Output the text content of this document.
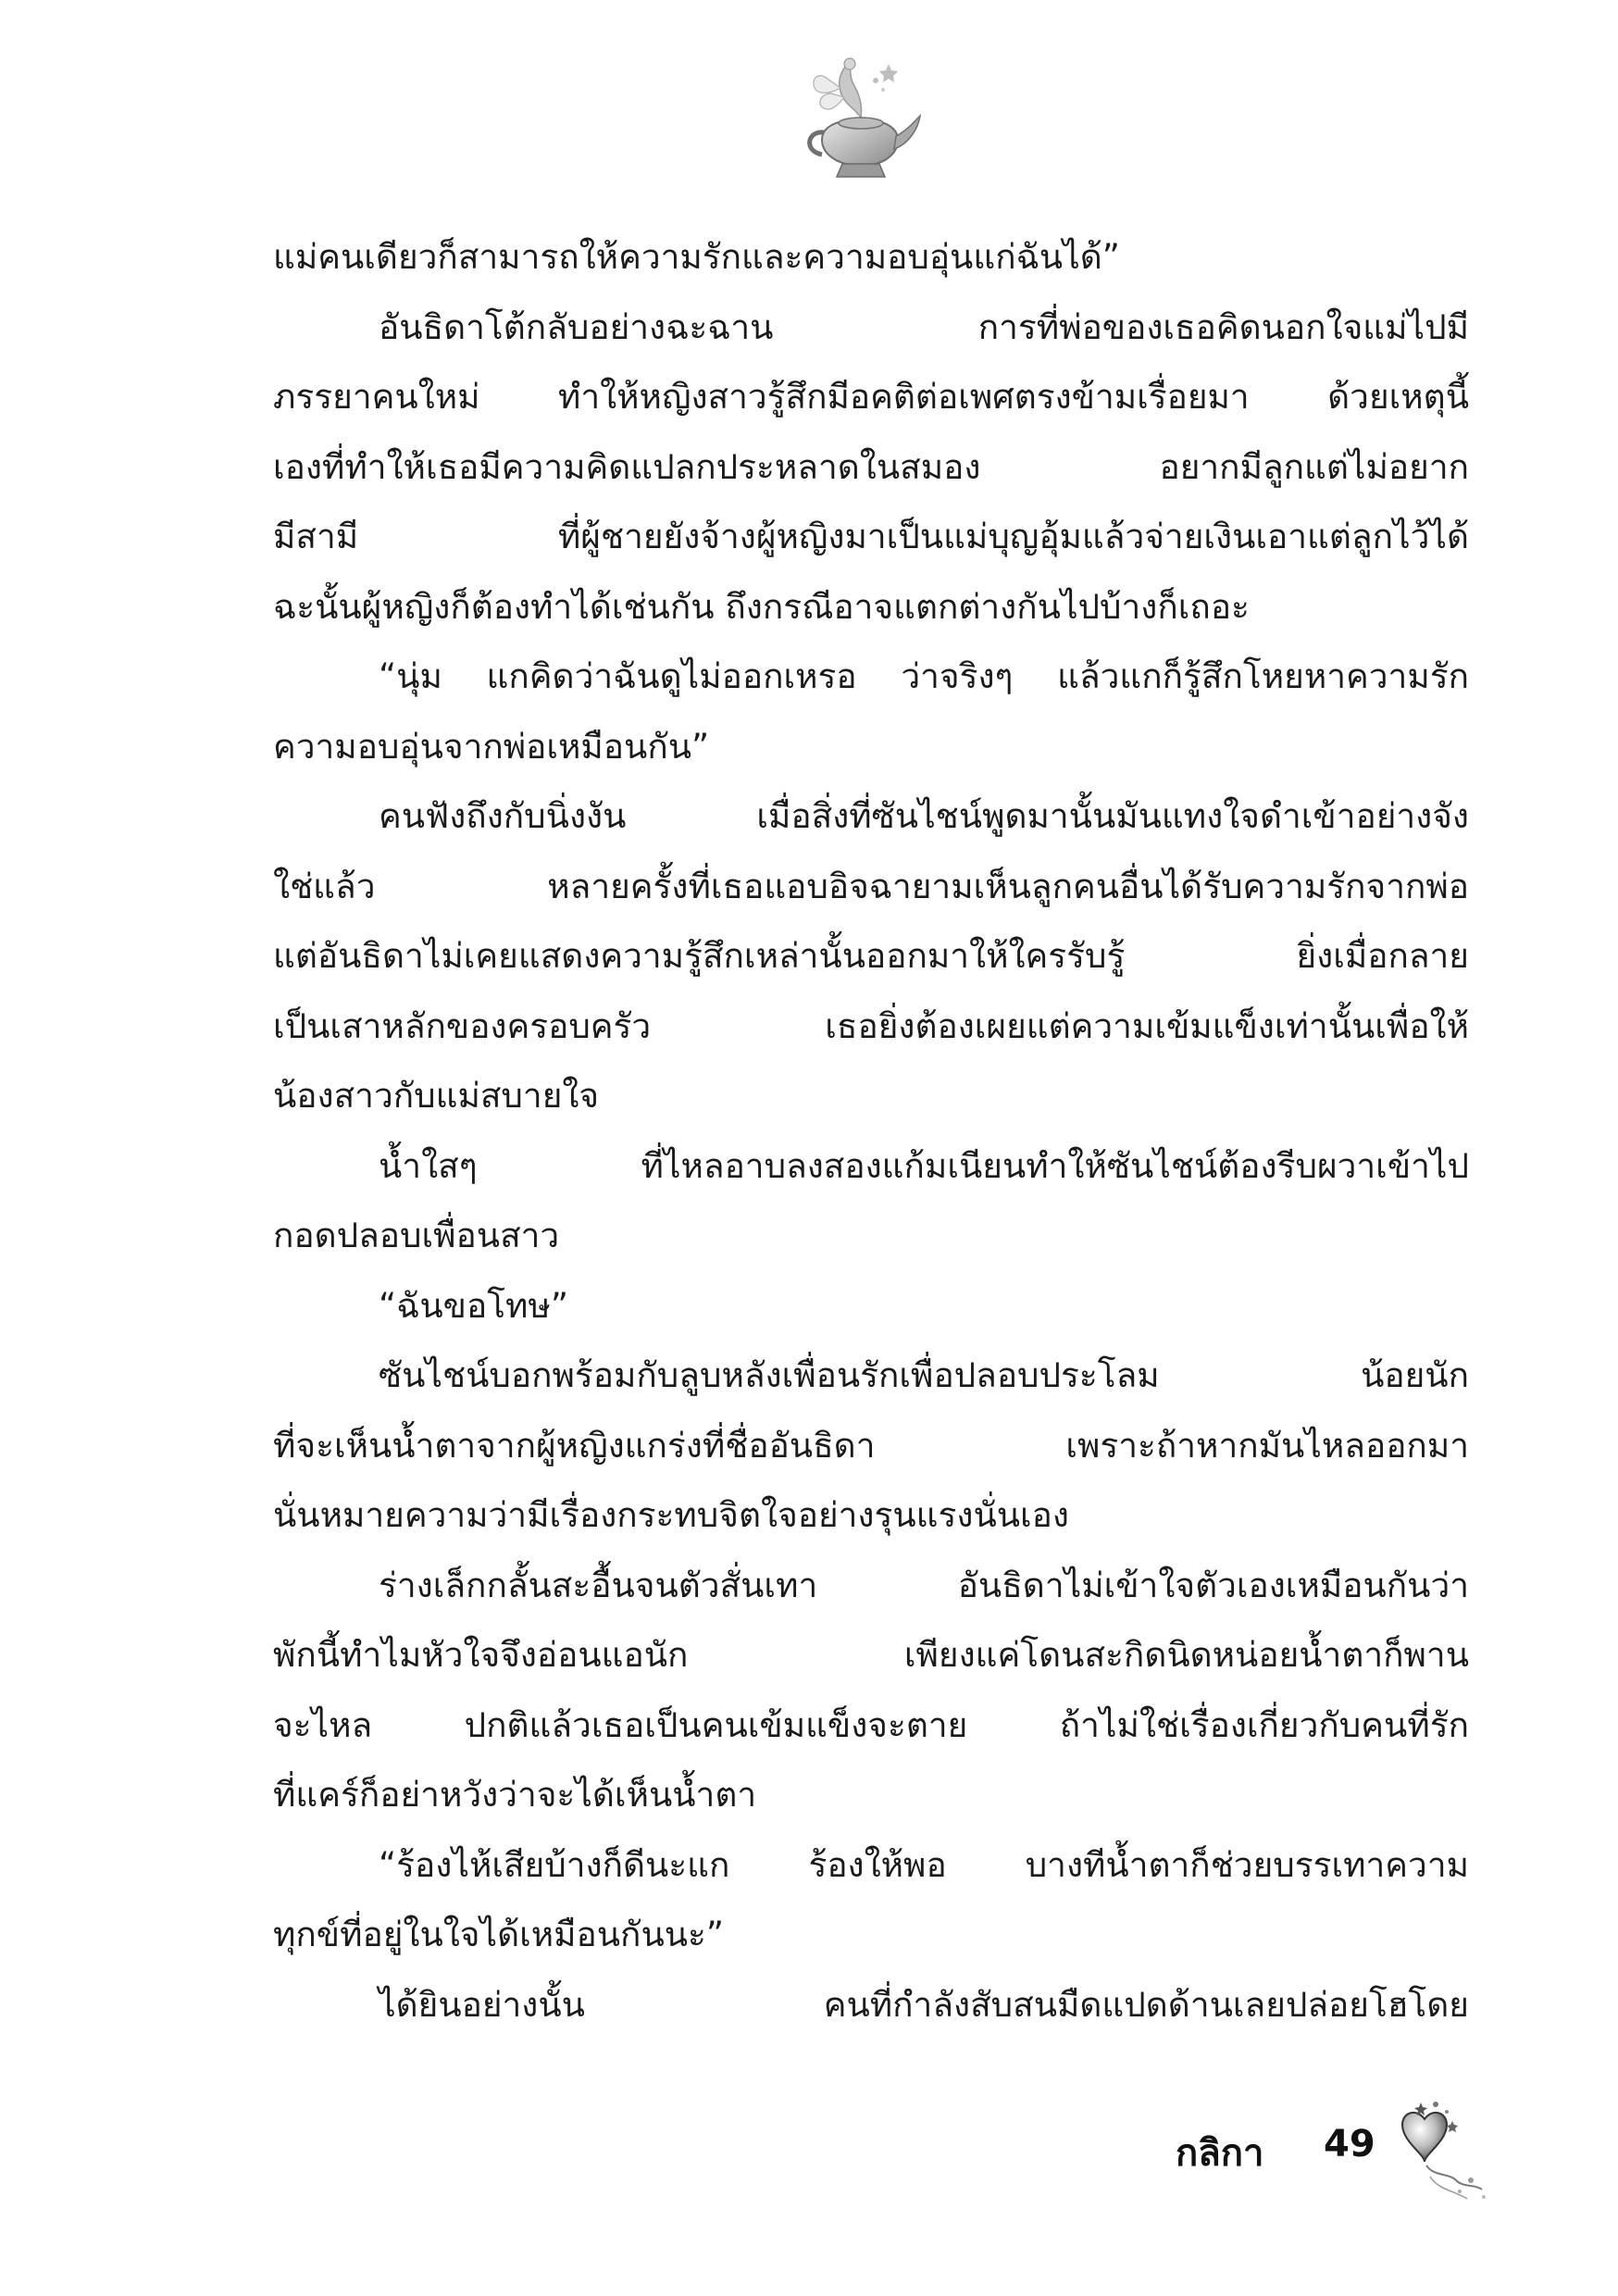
แม่คนเดียวก็สามารถให้ความรักและความอบอุ่นแก่ฉันได้”
อันธิดาโต้กลับอย่างฉะฉาน การที่พ่อของเธอคิดนอกใจแม่ไปมี
ภรรยาคนใหม่ ทำให้หญิงสาวรู้สึกมีอคติต่อเพศตรงข้ามเรื่อยมา ด้วยเหตุนี้
เองที่ทำให้เธอมีความคิดแปลกประหลาดในสมอง อยากมีลูกแต่ไม่อยาก
มีสามี ที่ผู้ชายยังจ้างผู้หญิงมาเป็นแม่บุญอุ้มแล้วจ่ายเงินเอาแต่ลูกไว้ได้
ฉะนั้นผู้หญิงก็ต้องทำได้เช่นกัน ถึงกรณีอาจแตกต่างกันไปบ้างก็เถอะ
“นุ่ม แกคิดว่าฉันดูไม่ออกเหรอ ว่าจริงๆ แล้วแกก็รู้สึกโหยหาความรัก
ความอบอุ่นจากพ่อเหมือนกัน”
คนฟังถึงกับนิ่งงัน เมื่อสิ่งที่ซันไชน์พูดมานั้นมันแทงใจดำเข้าอย่างจัง
ใช่แล้ว หลายครั้งที่เธอแอบอิจฉายามเห็นลูกคนอื่นได้รับความรักจากพ่อ
แต่อันธิดาไม่เคยแสดงความรู้สึกเหล่านั้นออกมาให้ใครรับรู้ ยิ่งเมื่อกลาย
เป็นเสาหลักของครอบครัว เธอยิ่งต้องเผยแต่ความเข้มแข็งเท่านั้นเพื่อให้
น้องสาวกับแม่สบายใจ
น้ำใสๆ ที่ไหลอาบลงสองแก้มเนียนทำให้ซันไชน์ต้องรีบผวาเข้าไป
กอดปลอบเพื่อนสาว
“ฉันขอโทษ”
ซันไชน์บอกพร้อมกับลูบหลังเพื่อนรักเพื่อปลอบประโลม น้อยนัก
ที่จะเห็นน้ำตาจากผู้หญิงแกร่งที่ชื่ออันธิดา เพราะถ้าหากมันไหลออกมา
นั่นหมายความว่ามีเรื่องกระทบจิตใจอย่างรุนแรงนั่นเอง
ร่างเล็กกลั้นสะอื้นจนตัวสั่นเทา อันธิดาไม่เข้าใจตัวเองเหมือนกันว่า
พักนี้ทำไมหัวใจจึงอ่อนแอนัก เพียงแค่โดนสะกิดนิดหน่อยน้ำตาก็พาน
จะไหล ปกติแล้วเธอเป็นคนเข้มแข็งจะตาย ถ้าไม่ใช่เรื่องเกี่ยวกับคนที่รัก
ที่แคร์ก็อย่าหวังว่าจะได้เห็นน้ำตา
“ร้องไห้เสียบ้างก็ดีนะแก ร้องให้พอ บางทีน้ำตาก็ช่วยบรรเทาความ
ทุกข์ที่อยู่ในใจได้เหมือนกันนะ”
ได้ยินอย่างนั้น คนที่กำลังสับสนมืดแปดด้านเลยปล่อยโฮโดย
กลิกา 49
